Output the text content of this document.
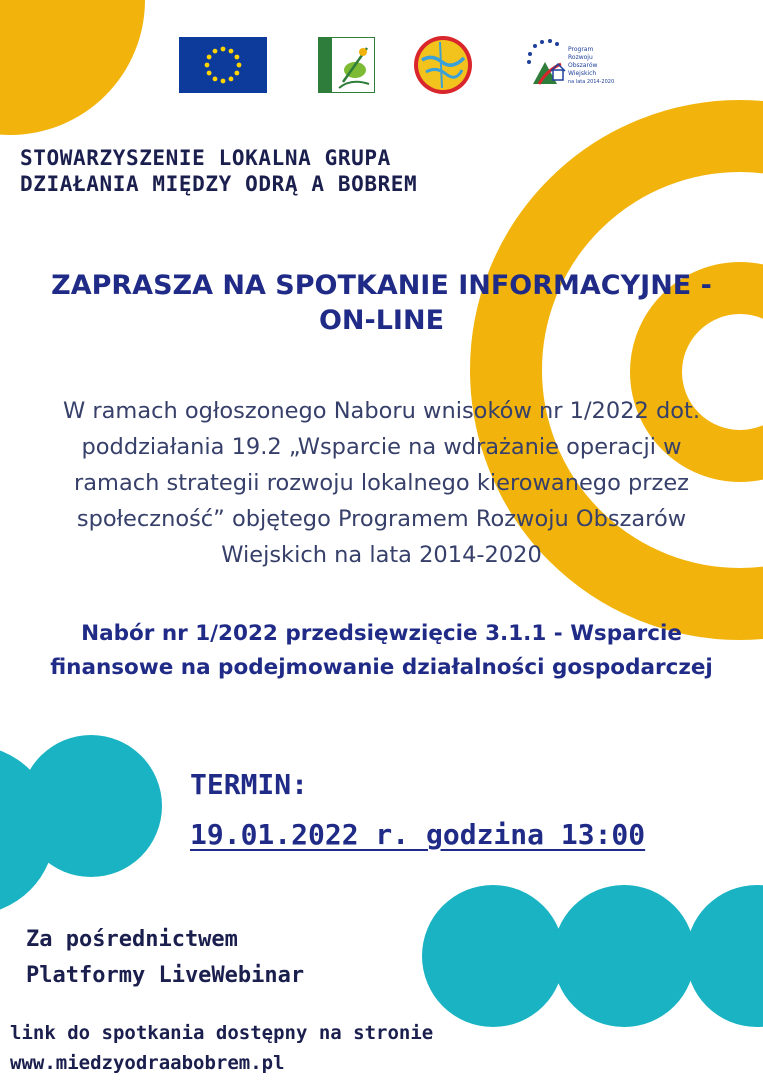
Program
Rozwoju
Obszarów
Wiejskich
na lata 2014-2020

STOWARZYSZENIE LOKALNA GRUPA
DZIAŁANIA MIĘDZY ODRĄ A BOBREM

ZAPRASZA NA SPOTKANIE INFORMACYJNE -
ON-LINE

W ramach ogłoszonego Naboru wnisoków nr 1/2022 dot.
poddziałania 19.2 „Wsparcie na wdrażanie operacji w
ramach strategii rozwoju lokalnego kierowanego przez
społeczność” objętego Programem Rozwoju Obszarów
Wiejskich na lata 2014-2020

Nabór nr 1/2022 przedsięwzięcie 3.1.1 - Wsparcie
finansowe na podejmowanie działalności gospodarczej

TERMIN:

19.01.2022 r. godzina 13:00

Za pośrednictwem
Platformy LiveWebinar

link do spotkania dostępny na stronie
www.miedzyodraabobrem.pl
